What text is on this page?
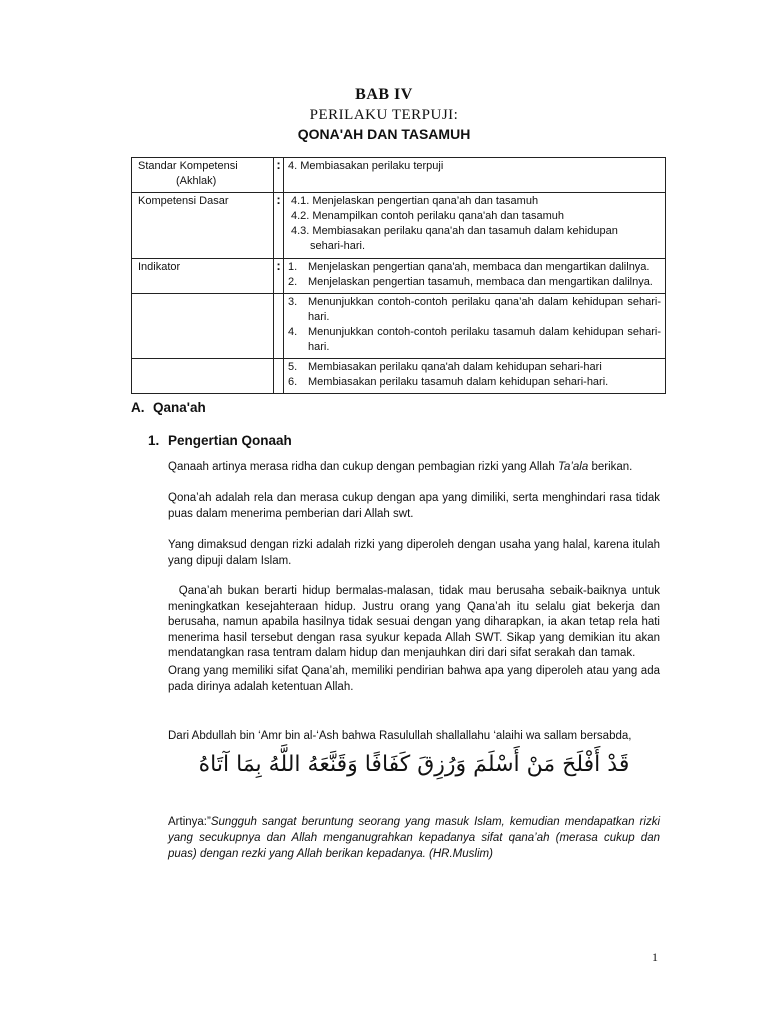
BAB IV
PERILAKU TERPUJI:
QONA'AH DAN TASAMUH
Standar Kompetensi
(Akhlak)	:	4. Membiasakan perilaku terpuji
Kompetensi Dasar	:	4.1. Menjelaskan pengertian qana’ah dan tasamuh
4.2. Menampilkan contoh perilaku qana'ah dan tasamuh
4.3. Membiasakan perilaku qana'ah dan tasamuh dalam kehidupan
sehari-hari.

Indikator	:	1. Menjelaskan pengertian qana'ah, membaca dan mengartikan dalilnya.
2. Menjelaskan pengertian tasamuh, membaca dan mengartikan dalilnya.

		3. Menunjukkan contoh-contoh perilaku qana’ah dalam kehidupan sehari-hari.
4. Menunjukkan contoh-contoh perilaku tasamuh dalam kehidupan sehari-hari.

		5. Membiasakan perilaku qana'ah dalam kehidupan sehari-hari
6. Membiasakan perilaku tasamuh dalam kehidupan sehari-hari.
A. Qana'ah
1. Pengertian Qonaah
Qanaah artinya merasa ridha dan cukup dengan pembagian rizki yang Allah Ta’ala berikan.
Qona’ah adalah rela dan merasa cukup dengan apa yang dimiliki, serta menghindari rasa tidak puas dalam menerima pemberian dari Allah swt.
Yang dimaksud dengan rizki adalah rizki yang diperoleh dengan usaha yang halal, karena itulah yang dipuji dalam Islam.
Qana’ah bukan berarti hidup bermalas-malasan, tidak mau berusaha sebaik-baiknya untuk meningkatkan kesejahteraan hidup. Justru orang yang Qana’ah itu selalu giat bekerja dan berusaha, namun apabila hasilnya tidak sesuai dengan yang diharapkan, ia akan tetap rela hati menerima hasil tersebut dengan rasa syukur kepada Allah SWT. Sikap yang demikian itu akan mendatangkan rasa tentram dalam hidup dan menjauhkan diri dari sifat serakah dan tamak.
Orang yang memiliki sifat Qana’ah, memiliki pendirian bahwa apa yang diperoleh atau yang ada pada dirinya adalah ketentuan Allah.
Dari Abdullah bin ‘Amr bin al-‘Ash bahwa Rasulullah shallallahu ‘alaihi wa sallam bersabda,
قَدْ أَفْلَحَ مَنْ أَسْلَمَ وَرُزِقَ كَفَافًا وَقَنَّعَهُ اللَّهُ بِمَا آتَاهُ
Artinya:”Sungguh sangat beruntung seorang yang masuk Islam, kemudian mendapatkan rizki yang secukupnya dan Allah menganugrahkan kepadanya sifat qana’ah (merasa cukup dan puas) dengan rezki yang Allah berikan kepadanya. (HR.Muslim)
1
